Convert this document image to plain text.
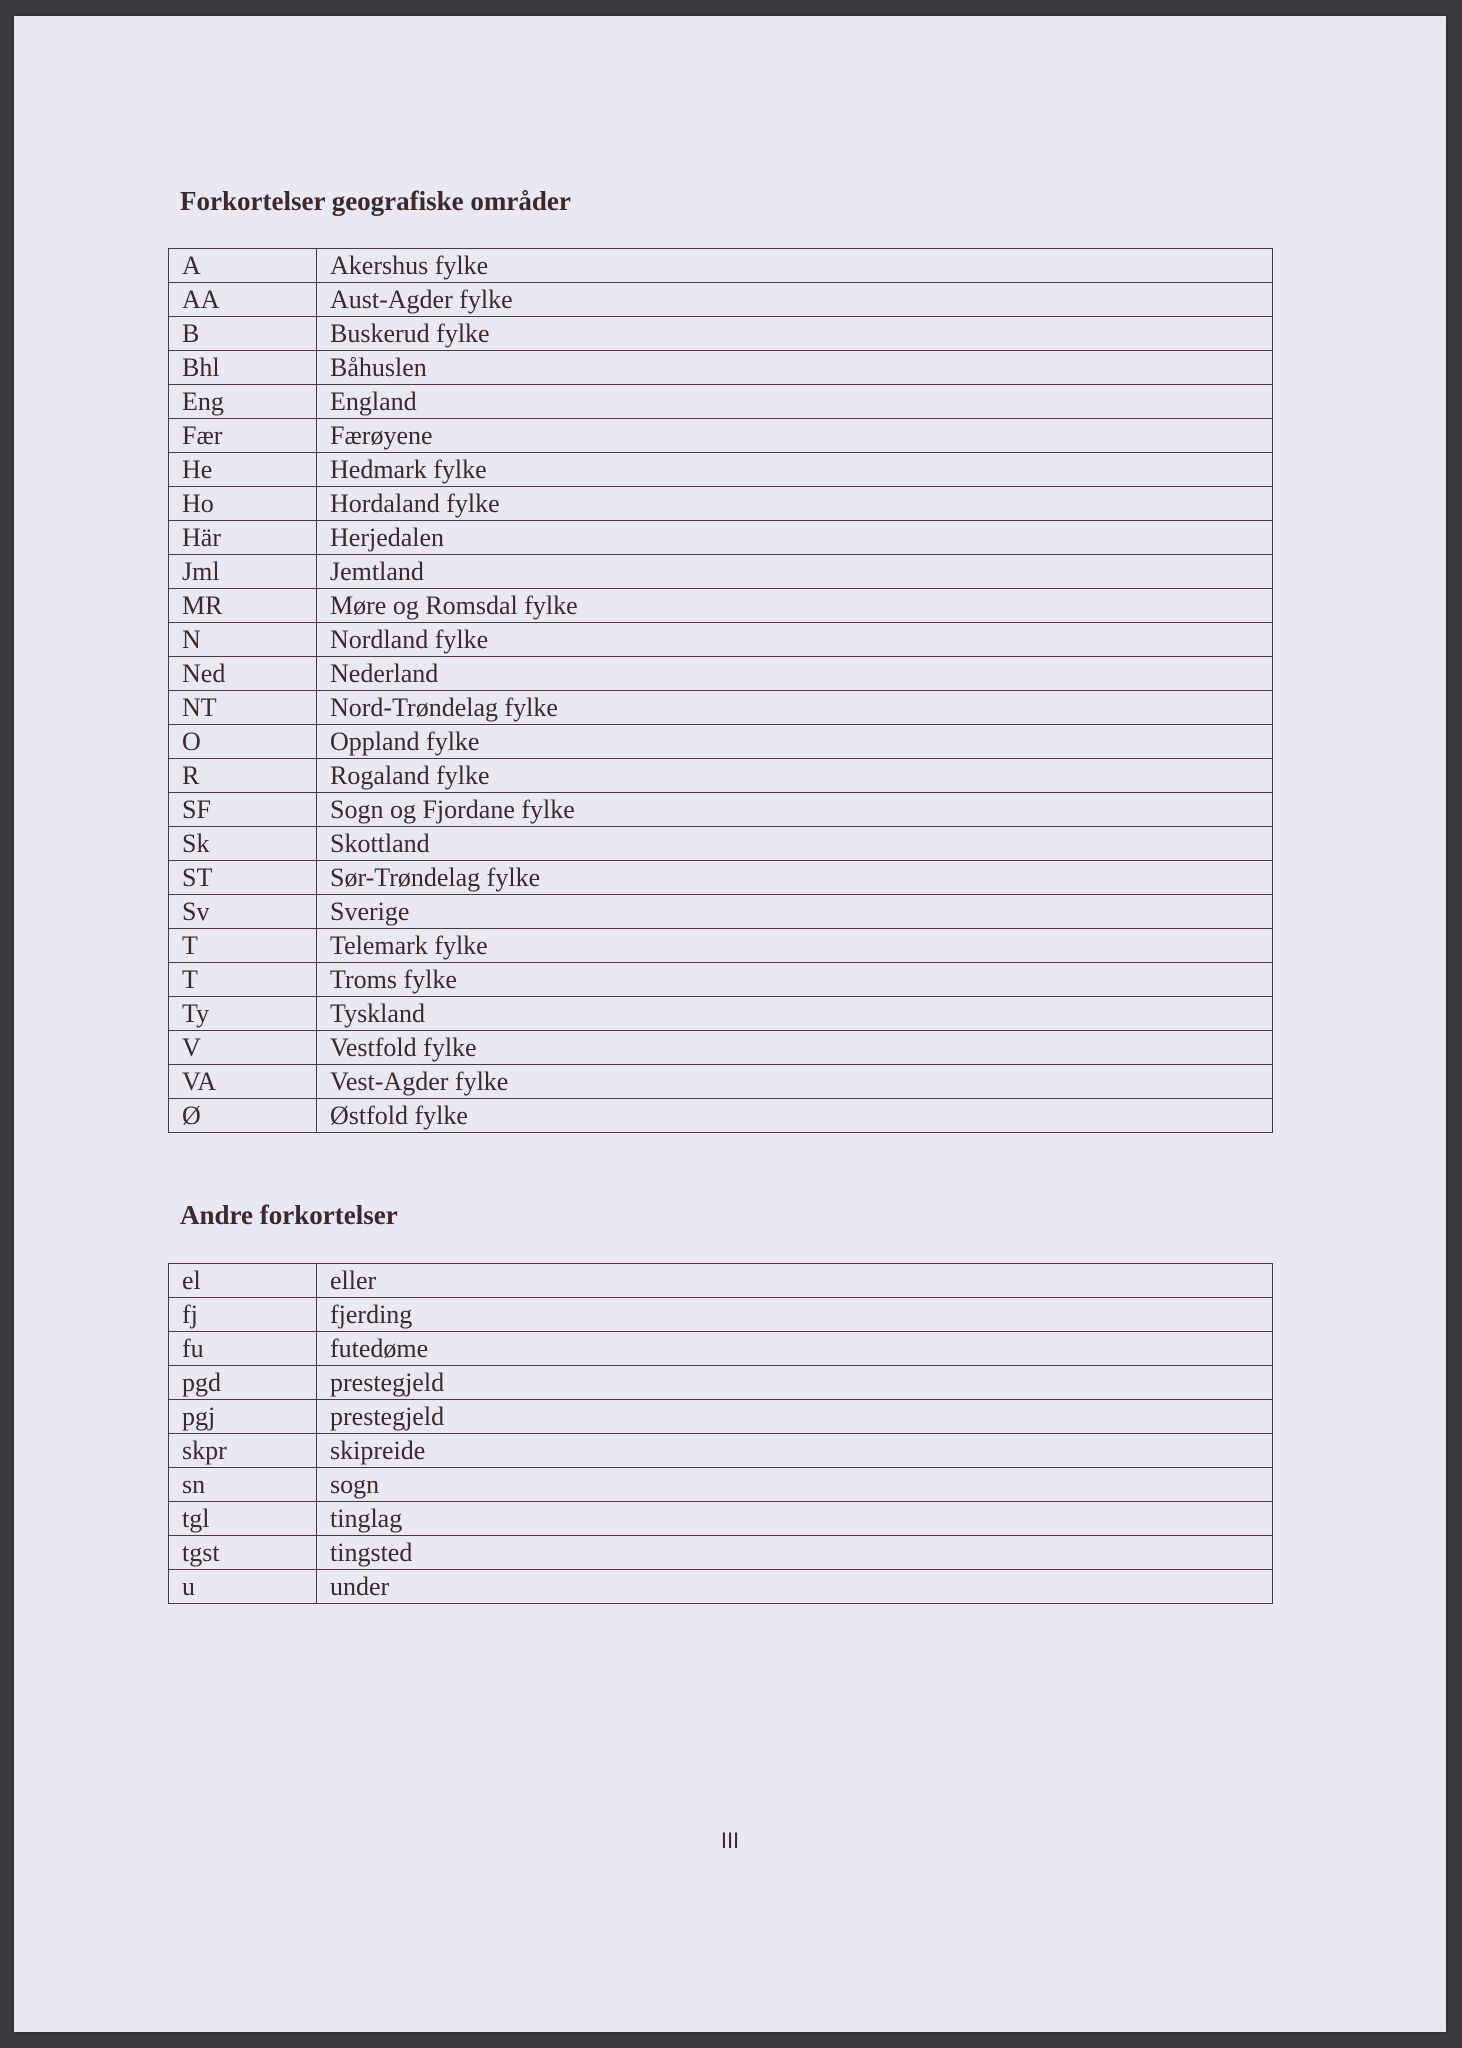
Forkortelser geografiske områder
A	Akershus fylke
AA	Aust-Agder fylke
B	Buskerud fylke
Bhl	Båhuslen
Eng	England
Fær	Færøyene
He	Hedmark fylke
Ho	Hordaland fylke
Här	Herjedalen
Jml	Jemtland
MR	Møre og Romsdal fylke
N	Nordland fylke
Ned	Nederland
NT	Nord-Trøndelag fylke
O	Oppland fylke
R	Rogaland fylke
SF	Sogn og Fjordane fylke
Sk	Skottland
ST	Sør-Trøndelag fylke
Sv	Sverige
T	Telemark fylke
T	Troms fylke
Ty	Tyskland
V	Vestfold fylke
VA	Vest-Agder fylke
Ø	Østfold fylke
Andre forkortelser
el	eller
fj	fjerding
fu	futedøme
pgd	prestegjeld
pgj	prestegjeld
skpr	skipreide
sn	sogn
tgl	tinglag
tgst	tingsted
u	under
III
